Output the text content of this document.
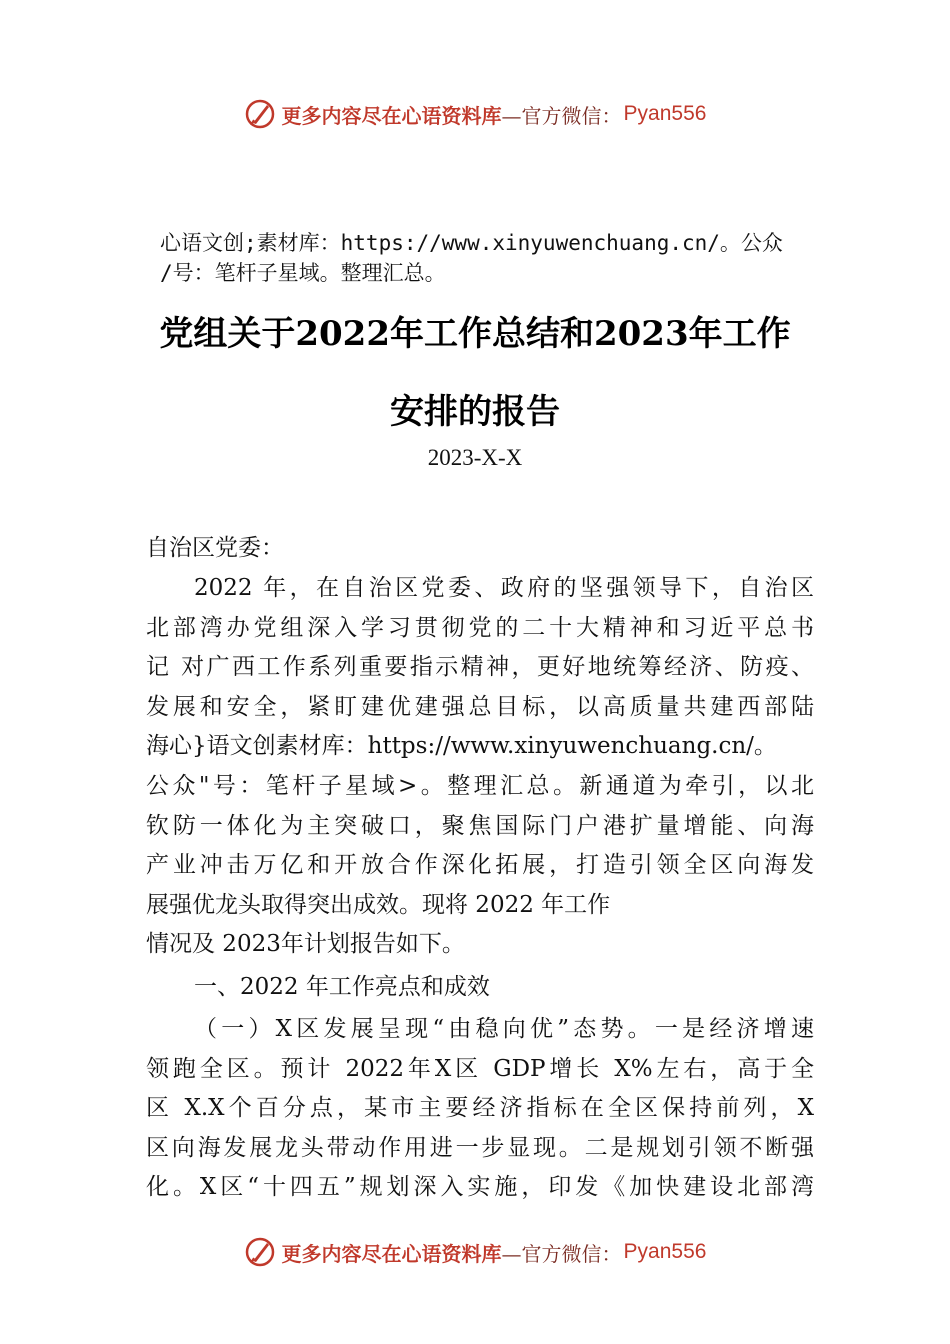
更多内容尽在心语资料库 —官方微信： Pyan556
心语文创;素材库：https://www.xinyuwenchuang.cn/。公众
/号：笔杆子星域。整理汇总。
党组关于2022年工作总结和2023年工作
安排的报告
2023-X-X
自治区党委：
2022 年，在自治区党委、政府的坚强领导下，自治区
北部湾办党组深入学习贯彻党的二十大精神和习近平总书
记 对广西工作系列重要指示精神，更好地统筹经济、防疫、
发展和安全，紧盯建优建强总目标，以高质量共建西部陆
海心}语文创素材库：https://www.xinyuwenchuang.cn/。
公众"号：笔杆子星域>。整理汇总。新通道为牵引，以北
钦防一体化为主突破口，聚焦国际门户港扩量增能、向海
产业冲击万亿和开放合作深化拓展，打造引领全区向海发
展强优龙头取得突出成效。现将 2022 年工作
情况及 2023年计划报告如下。
一、2022 年工作亮点和成效
（一）X区发展呈现“由稳向优”态势。一是经济增速
领跑全区。预计 2022年X区 GDP增长 X%左右，高于全
区 X.X个百分点，某市主要经济指标在全区保持前列，X
区向海发展龙头带动作用进一步显现。二是规划引领不断强
化。X区“十四五”规划深入实施，印发《加快建设北部湾
更多内容尽在心语资料库 —官方微信： Pyan556
